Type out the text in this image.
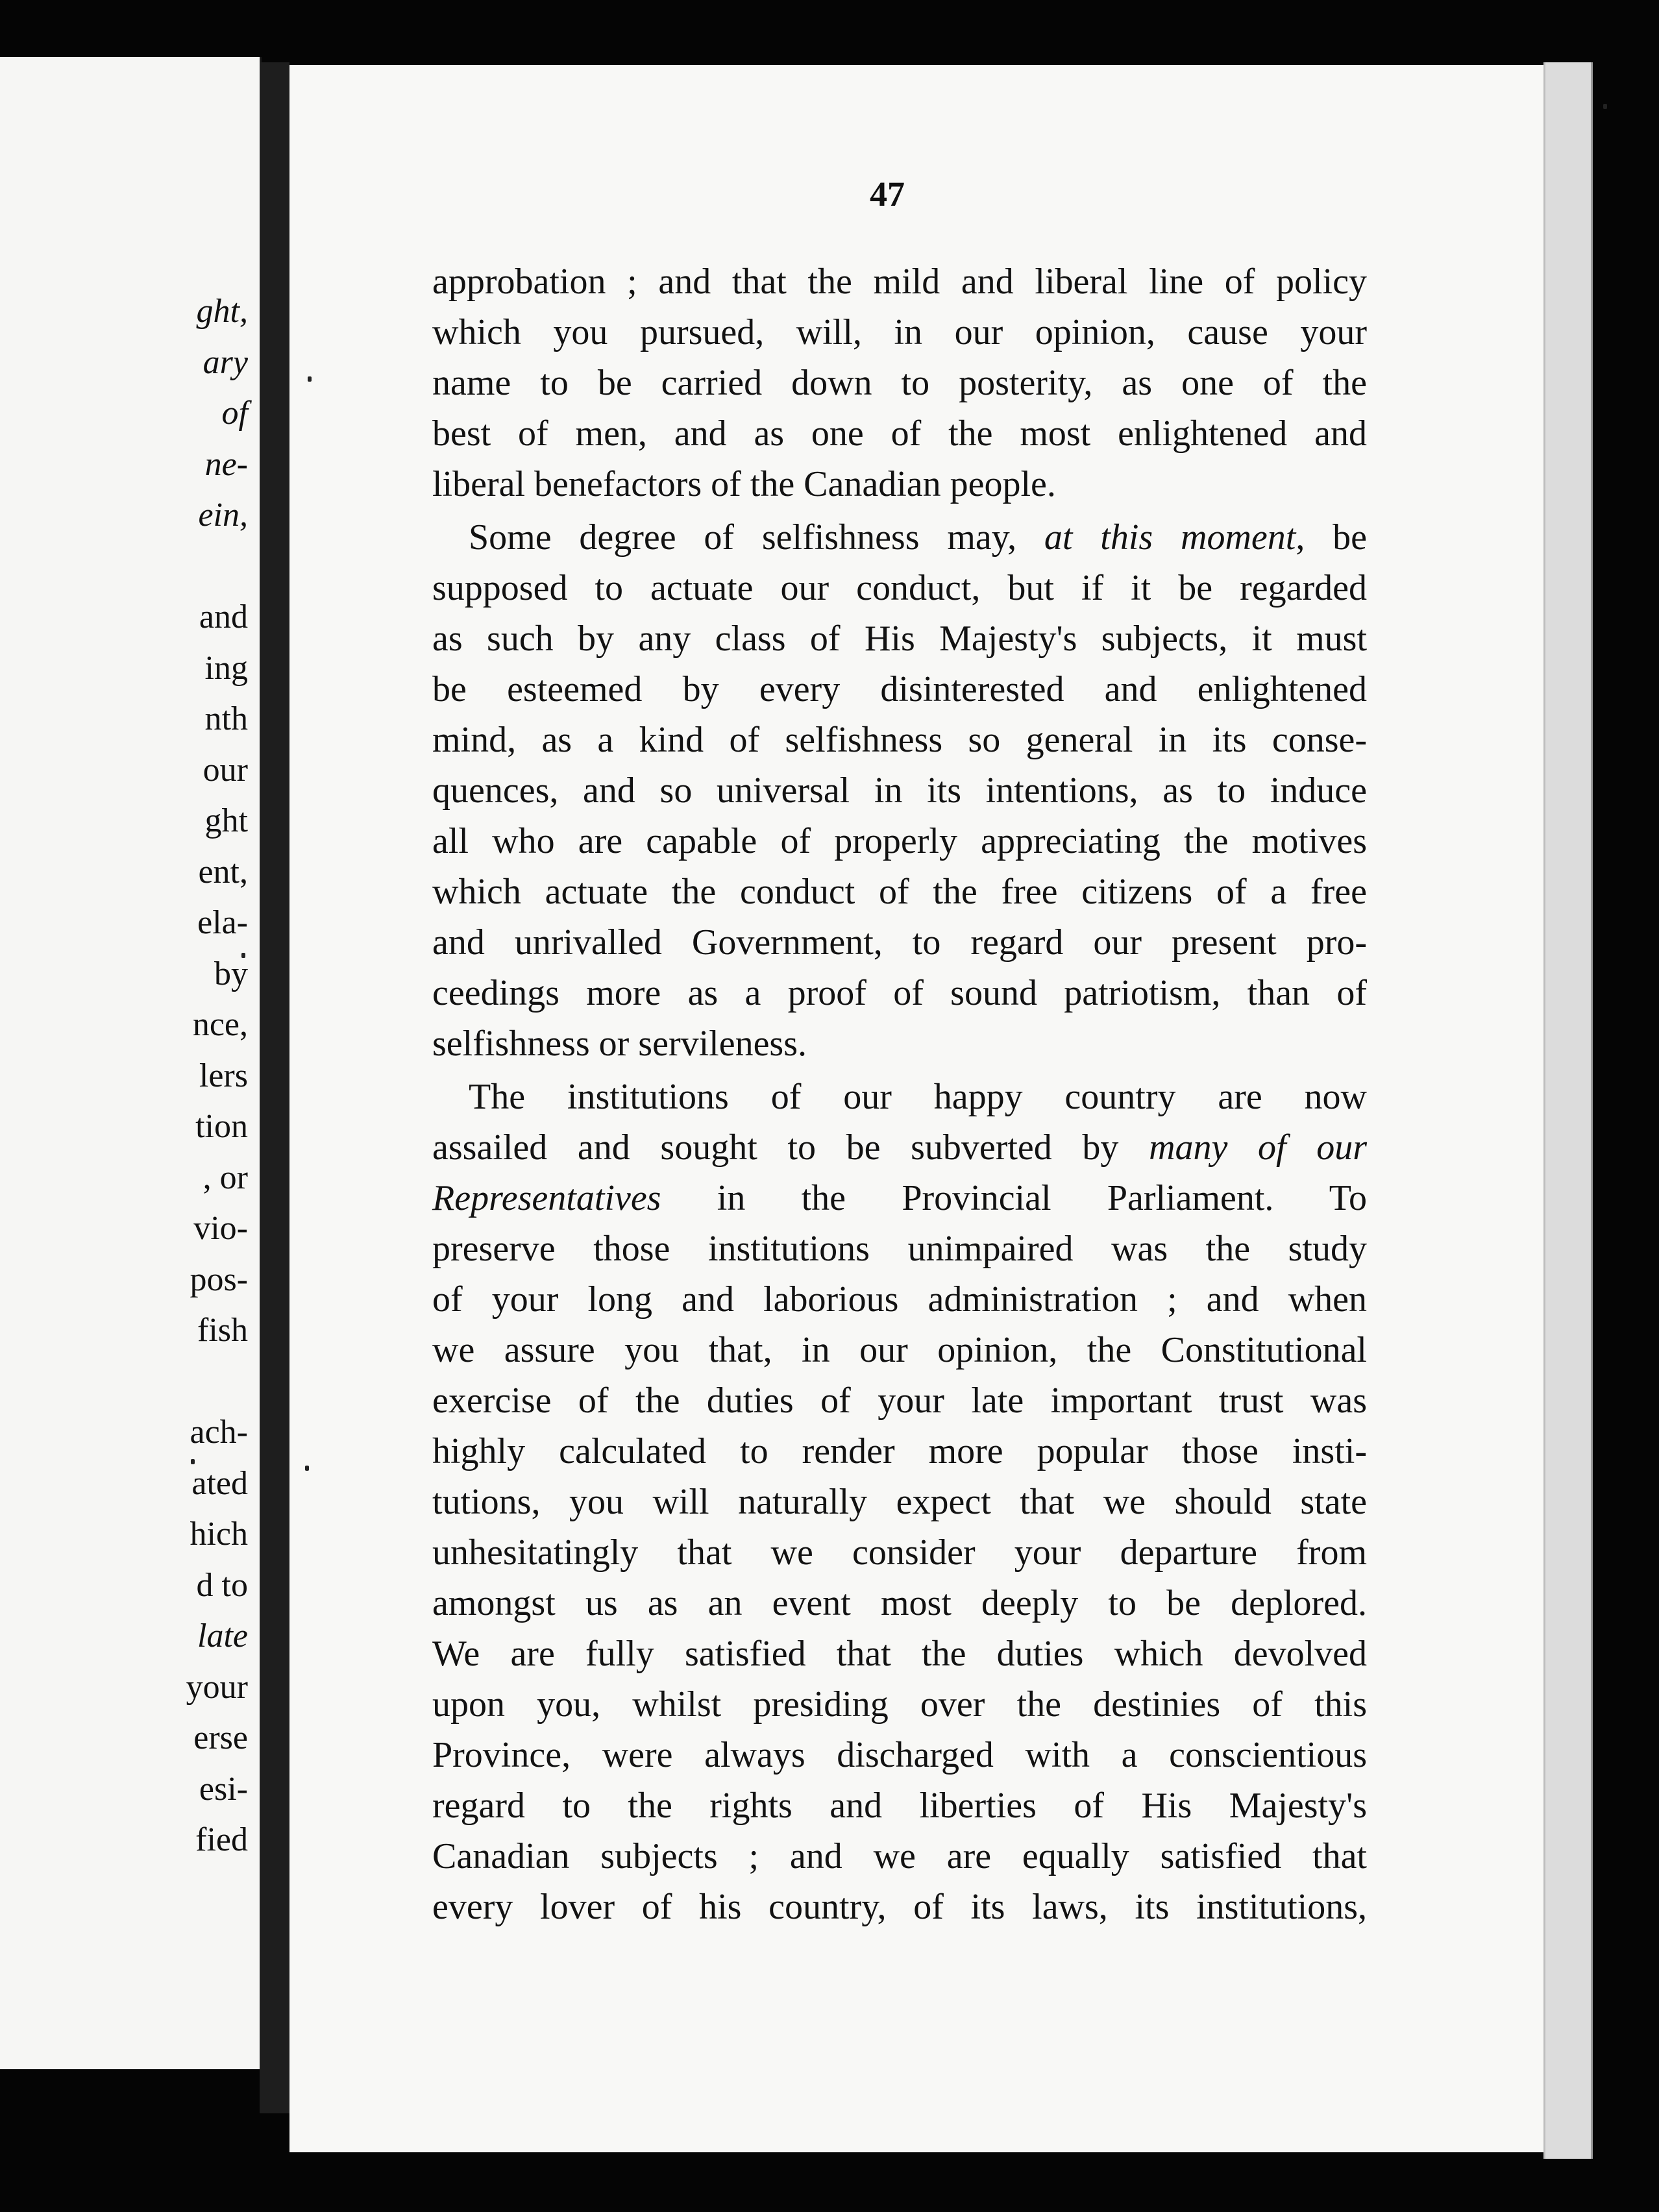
ght,

ary

of

ne-

ein,

and

ing

nth

our

ght

ent,

ela-

by

nce,

lers

tion

, or

vio-

pos-

fish

ach-

ated

hich

d to

late

your

erse

esi-

fied

47

approbation ; and that the mild and liberal line of policy
which you pursued, will, in our opinion, cause your
name to be carried down to posterity, as one of the
best of men, and as one of the most enlightened and
liberal benefactors of the Canadian people.
 Some degree of selfishness may, at this moment, be
supposed to actuate our conduct, but if it be regarded
as such by any class of His Majesty's subjects, it must
be esteemed by every disinterested and enlightened
mind, as a kind of selfishness so general in its conse-
quences, and so universal in its intentions, as to induce
all who are capable of properly appreciating the motives
which actuate the conduct of the free citizens of a free
and unrivalled Government, to regard our present pro-
ceedings more as a proof of sound patriotism, than of
selfishness or servileness.
 The institutions of our happy country are now
assailed and sought to be subverted by many of our
Representatives in the Provincial Parliament. To
preserve those institutions unimpaired was the study
of your long and laborious administration ; and when
we assure you that, in our opinion, the Constitutional
exercise of the duties of your late important trust was
highly calculated to render more popular those insti-
tutions, you will naturally expect that we should state
unhesitatingly that we consider your departure from
amongst us as an event most deeply to be deplored.
We are fully satisfied that the duties which devolved
upon you, whilst presiding over the destinies of this
Province, were always discharged with a conscientious
regard to the rights and liberties of His Majesty's
Canadian subjects ; and we are equally satisfied that
every lover of his country, of its laws, its institutions,
